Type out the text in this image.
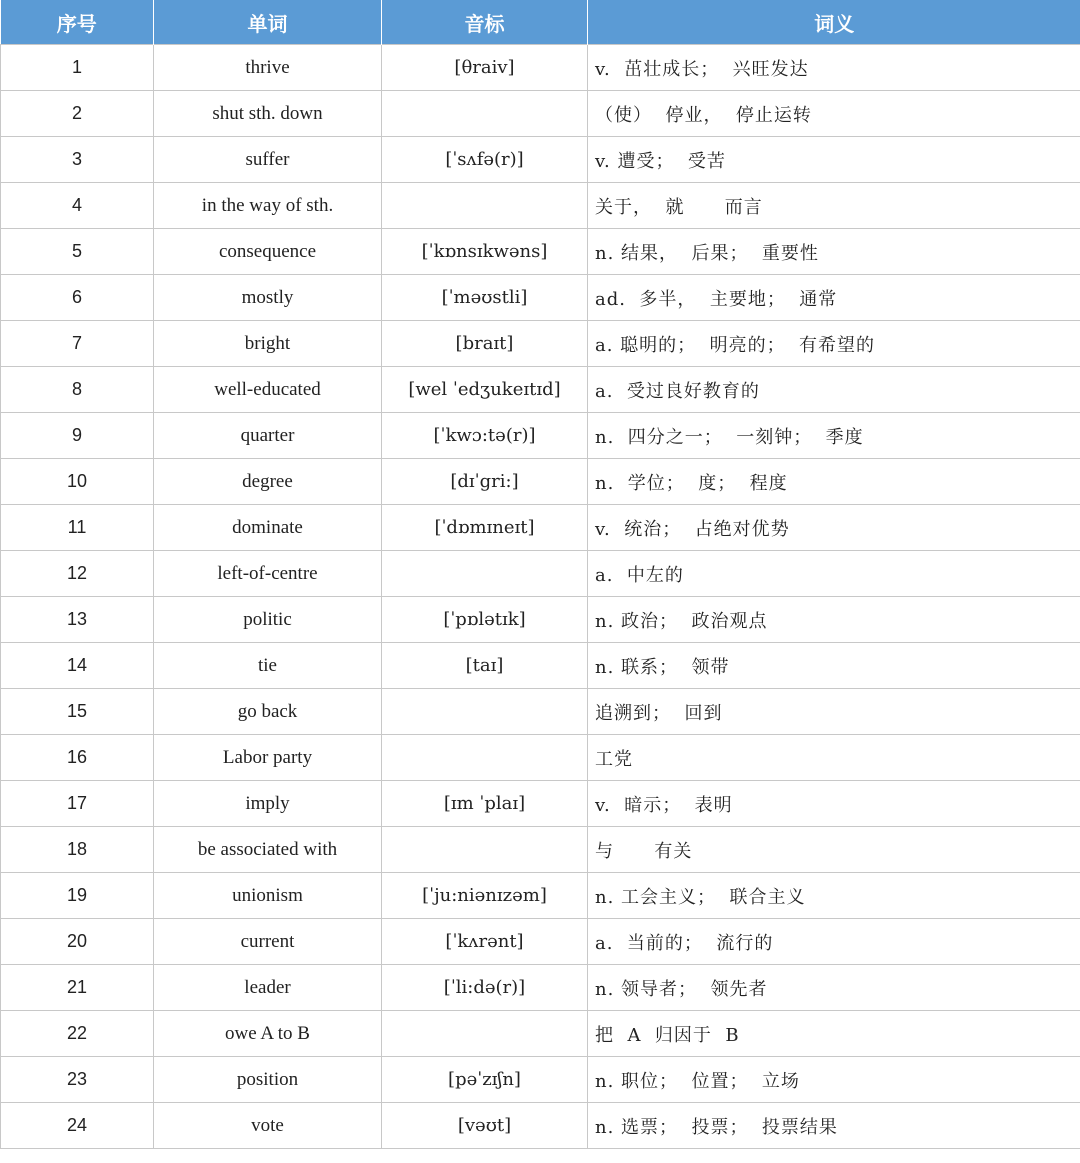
序号	单词	音标	词义
1	thrive	[θraiv]	v.  茁壮成长；  兴旺发达
2	shut sth. down		（使）  停业，  停止运转
3	suffer	[ˈsʌfə(r)]	v. 遭受；  受苦
4	in the way of sth.		关于，  就      而言
5	consequence	[ˈkɒnsɪkwəns]	n. 结果，  后果；  重要性
6	mostly	[ˈməʊstli]	ad.  多半，  主要地；  通常
7	bright	[braɪt]	a. 聪明的；  明亮的；  有希望的
8	well-educated	[wel ˈedʒukeɪtɪd]	a.  受过良好教育的
9	quarter	[ˈkwɔ:tə(r)]	n.  四分之一；  一刻钟；  季度
10	degree	[dɪˈgri:]	n.  学位；  度；  程度
11	dominate	[ˈdɒmɪneɪt]	v.  统治；  占绝对优势
12	left-of-centre		a.  中左的
13	politic	[ˈpɒlətɪk]	n. 政治；  政治观点
14	tie	[taɪ]	n. 联系；  领带
15	go back		追溯到；  回到
16	Labor party		工党
17	imply	[ɪm ˈplaɪ]	v.  暗示；  表明
18	be associated with		与      有关
19	unionism	[ˈju:niənɪzəm]	n. 工会主义；  联合主义
20	current	[ˈkʌrənt]	a.  当前的；  流行的
21	leader	[ˈli:də(r)]	n. 领导者；  领先者
22	owe A to B		把  A  归因于  B
23	position	[pəˈzɪʃn]	n. 职位；  位置；  立场
24	vote	[vəʊt]	n. 选票；  投票；  投票结果
